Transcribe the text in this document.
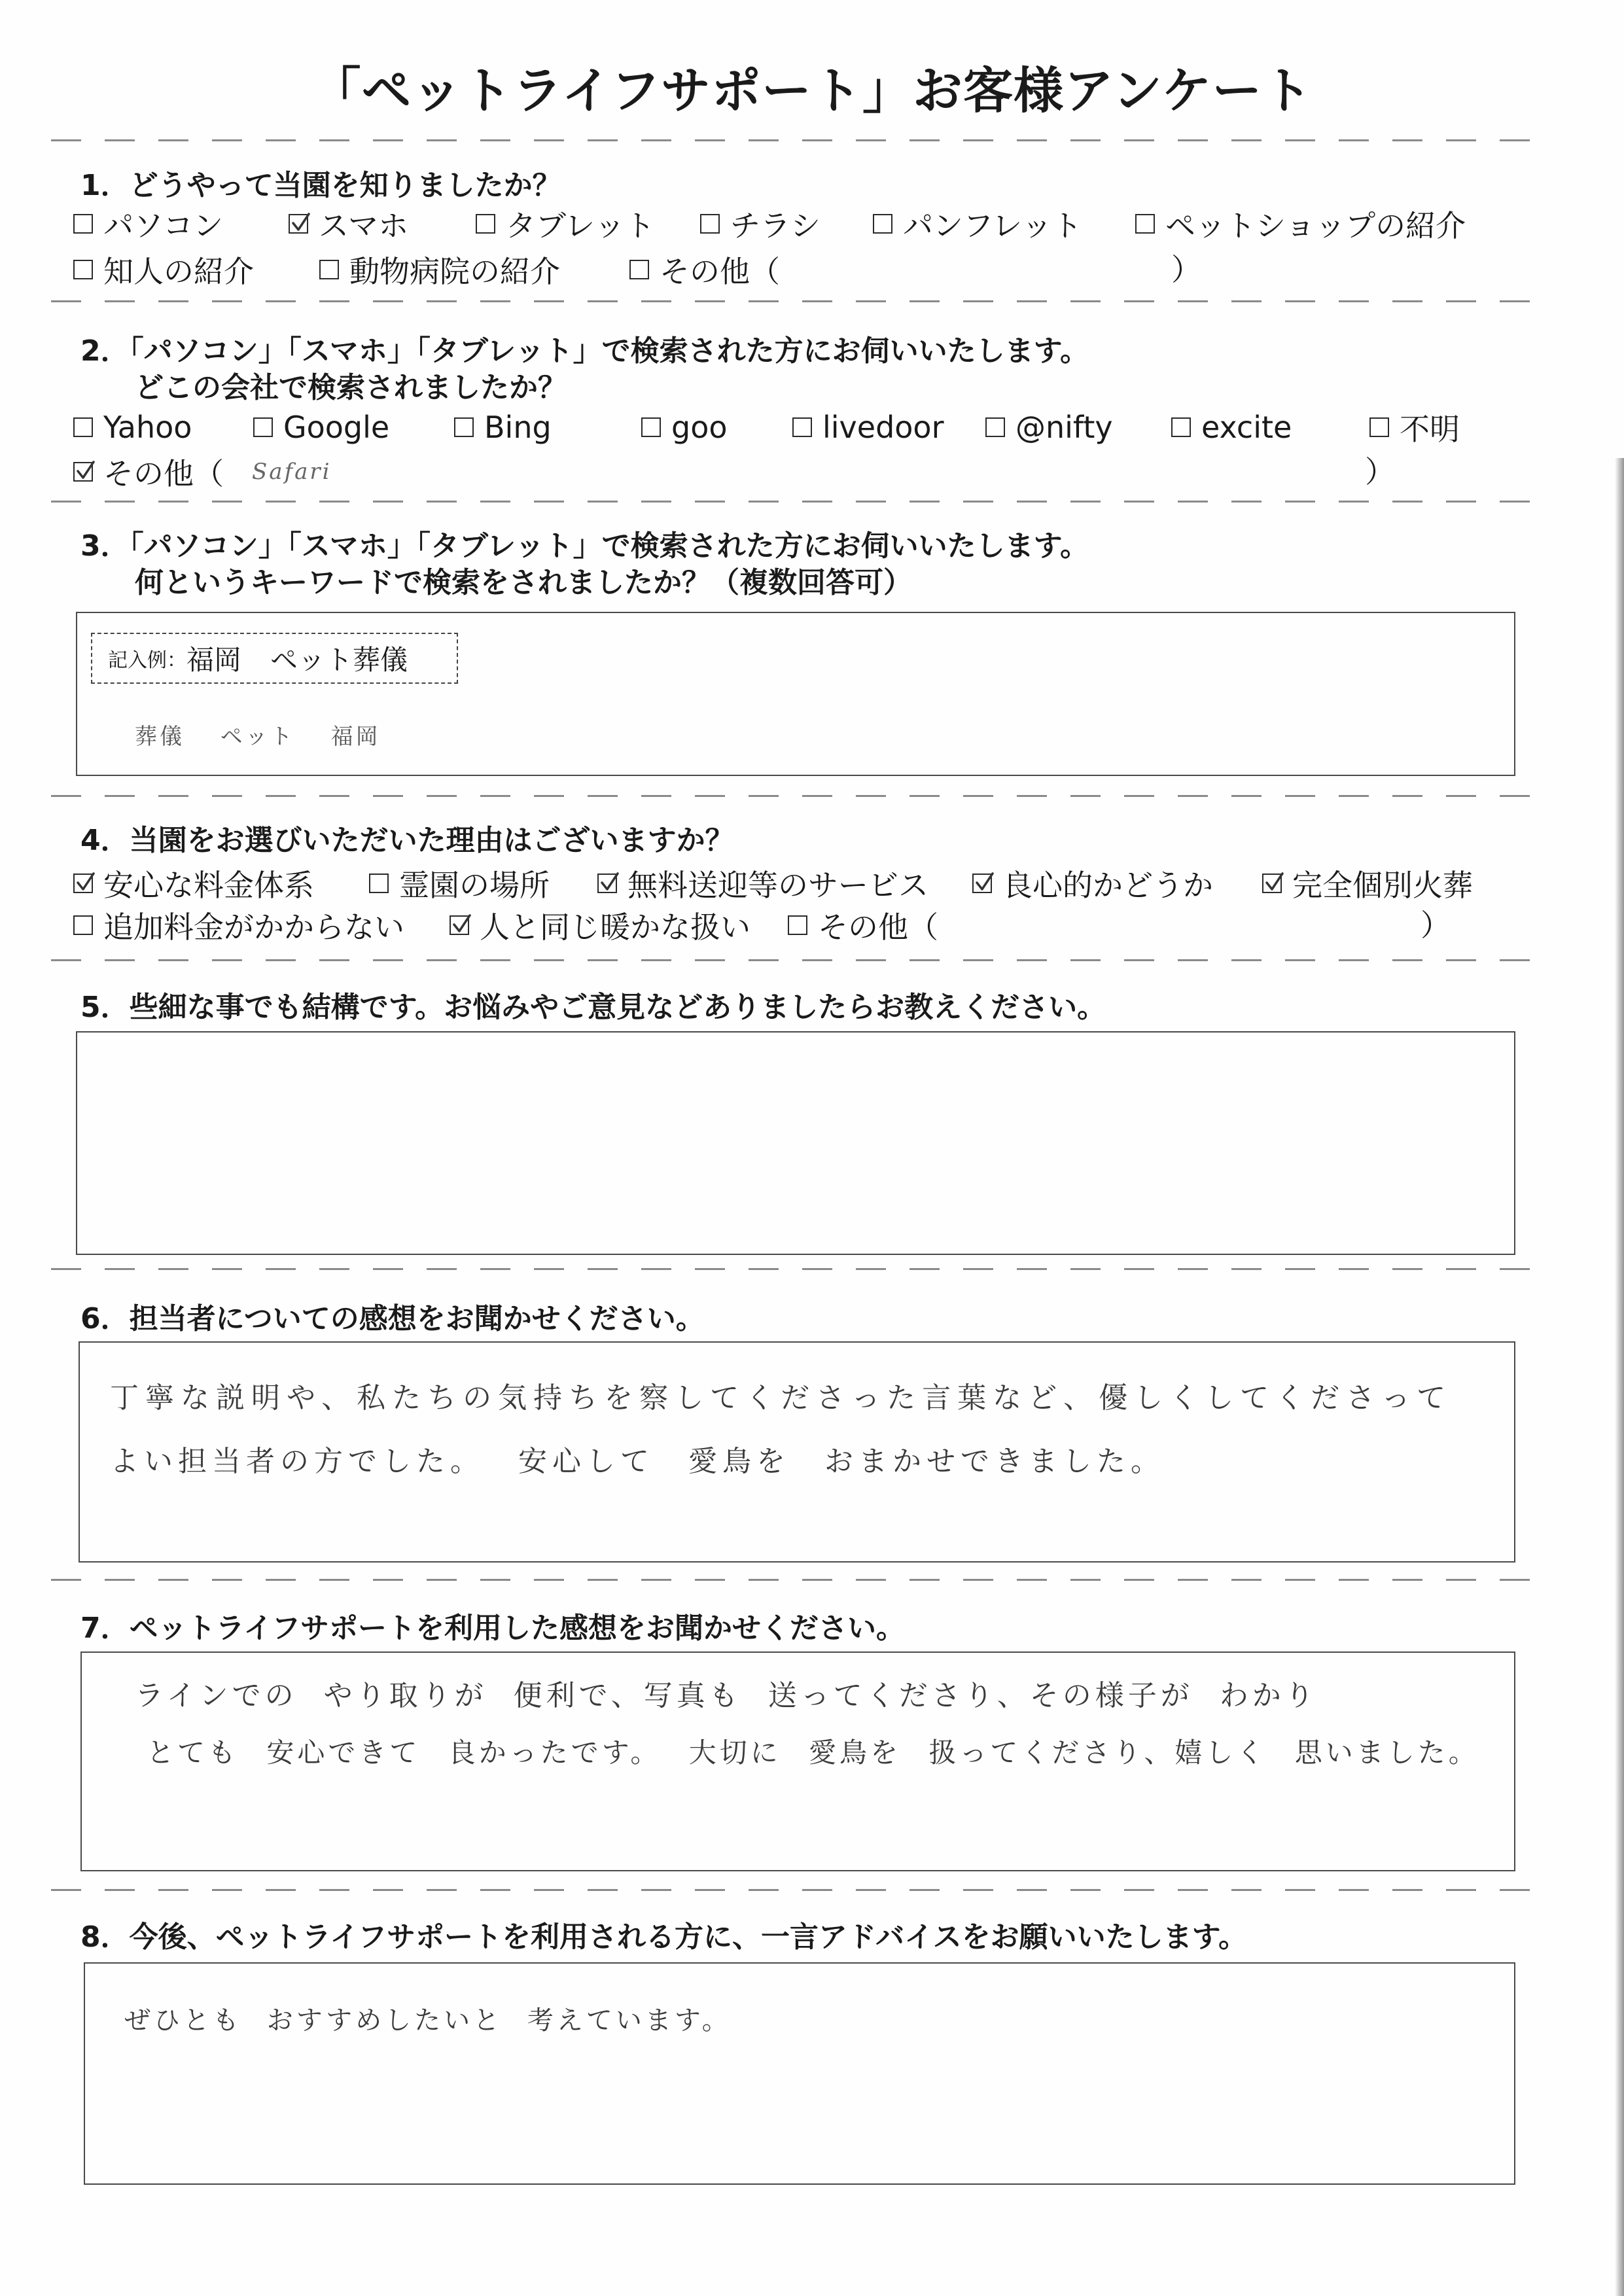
「ペットライフサポート」お客様アンケート
1．どうやって当園を知りましたか？
パソコン	スマホ	タブレット	チラシ	パンフレット	ペットショップの紹介
知人の紹介	動物病院の紹介	その他（	）
2．「パソコン」「スマホ」「タブレット」で検索された方にお伺いいたします。
どこの会社で検索されましたか？
Yahoo	Google	Bing	goo	livedoor @nifty	excite	不明
その他（ Safari	）
3．「パソコン」「スマホ」「タブレット」で検索された方にお伺いいたします。
何というキーワードで検索をされましたか？（複数回答可）
記入例： 福岡 ペット葬儀
葬儀 ペット 福岡
4．当園をお選びいただいた理由はございますか？
安心な料金体系	霊園の場所	無料送迎等のサービス 良心的かどうか	完全個別火葬
追加料金がかからない	人と同じ暖かな扱い その他（	）
5．些細な事でも結構です。お悩みやご意見などありましたらお教えください。
6．担当者についての感想をお聞かせください。
丁寧な説明や、私たちの気持ちを察してくださった言葉など、優しくしてくださって
よい担当者の方でした。 安心して 愛鳥を おまかせできました。
7．ペットライフサポートを利用した感想をお聞かせください。
ラインでの やり取りが 便利で、写真も 送ってくださり、その様子が わかり
とても 安心できて 良かったです。 大切に 愛鳥を 扱ってくださり、嬉しく 思いました。
8．今後、ペットライフサポートを利用される方に、一言アドバイスをお願いいたします。
ぜひとも おすすめしたいと 考えています。
